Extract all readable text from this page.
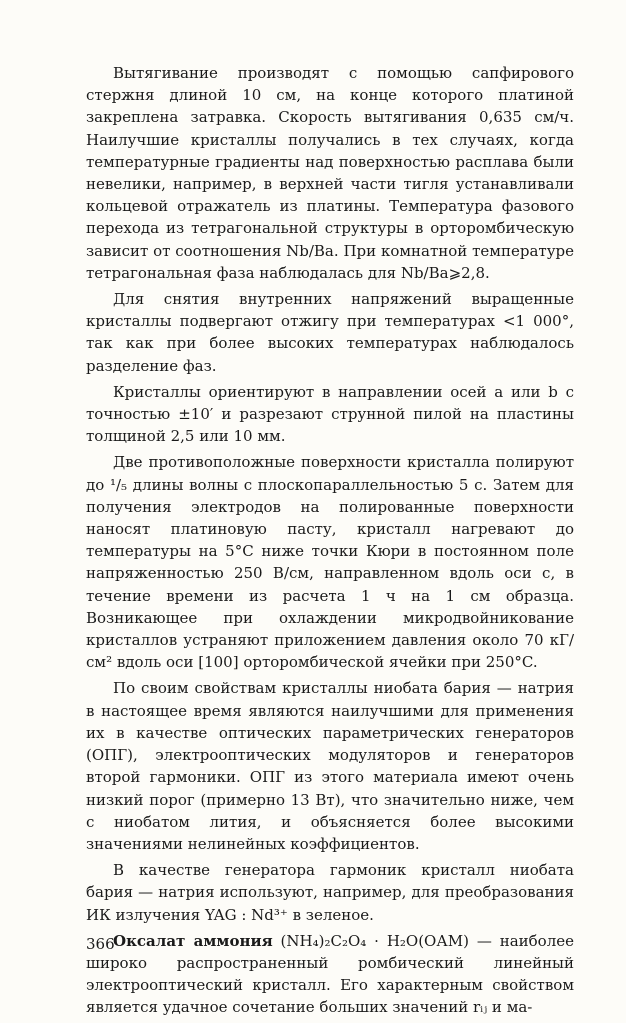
Вытягивание производят с помощью сапфирового стержня длиной 10 см, на конце которого платиной закреплена затравка. Скорость вытягивания 0,635 см/ч. Наилучшие кристаллы получались в тех случаях, когда температурные градиенты над поверхностью расплава были невелики, например, в верхней части тигля устанавливали кольцевой отражатель из платины. Температура фазового перехода из тетрагональной структуры в орторомбическую зависит от соотношения Nb/Ba. При комнатной температуре тетрагональная фаза наблюдалась для Nb/Ba⩾2,8.

Для снятия внутренних напряжений выращенные кристаллы подвергают отжигу при температурах <1 000°, так как при более высоких температурах наблюдалось разделение фаз.

Кристаллы ориентируют в направлении осей a или b с точностью ±10′ и разрезают струнной пилой на пластины толщиной 2,5 или 10 мм.

Две противоположные поверхности кристалла полируют до ¹/₅ длины волны с плоскопараллельностью 5 с. Затем для получения электродов на полированные поверхности наносят платиновую пасту, кристалл нагревают до температуры на 5°C ниже точки Кюри в постоянном поле напряженностью 250 В/см, направленном вдоль оси c, в течение времени из расчета 1 ч на 1 см образца. Возникающее при охлаждении микродвойникование кристаллов устраняют приложением давления около 70 кГ/см² вдоль оси [100] орторомбической ячейки при 250°C.

По своим свойствам кристаллы ниобата бария — натрия в настоящее время являются наилучшими для применения их в качестве оптических параметрических генераторов (ОПГ), электрооптических модуляторов и генераторов второй гармоники. ОПГ из этого материала имеют очень низкий порог (примерно 13 Вт), что значительно ниже, чем с ниобатом лития, и объясняется более высокими значениями нелинейных коэффициентов.

В качестве генератора гармоник кристалл ниобата бария — натрия используют, например, для преобразования ИК излучения YAG : Nd³⁺ в зеленое.

Оксалат аммония (NH₄)₂C₂O₄ · H₂O(ОАМ) — наиболее широко распространенный ромбический линейный электрооптический кристалл. Его характерным свойством является удачное сочетание больших значений rᵢⱼ и ма-

366
